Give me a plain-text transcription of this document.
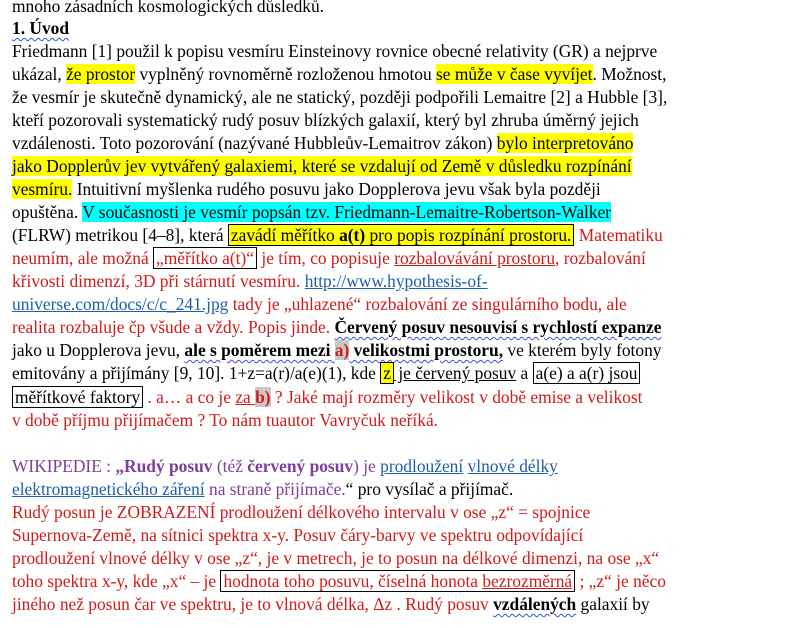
mnoho zásadních kosmologických důsledků.
1. Úvod
Friedmann [1] použil k popisu vesmíru Einsteinovy rovnice obecné relativity (GR) a nejprve
ukázal, že prostor vyplněný rovnoměrně rozloženou hmotou se může v čase vyvíjet. Možnost,
že vesmír je skutečně dynamický, ale ne statický, později podpořili Lemaitre [2] a Hubble [3],
kteří pozorovali systematický rudý posuv blízkých galaxií, který byl zhruba úměrný jejich
vzdálenosti. Toto pozorování (nazývané Hubbleův-Lemaitrov zákon) bylo interpretováno
jako Dopplerův jev vytvářený galaxiemi, které se vzdalují od Země v důsledku rozpínání
vesmíru. Intuitivní myšlenka rudého posuvu jako Dopplerova jevu však byla později
opuštěna. V současnosti je vesmír popsán tzv. Friedmann-Lemaitre-Robertson-Walker
(FLRW) metrikou [4–8], která zavádí měřítko a(t) pro popis rozpínání prostoru. Matematiku
neumím, ale možná „měřítko a(t)“ je tím, co popisuje rozbalovávání prostoru, rozbalování
křivosti dimenzí, 3D při stárnutí vesmíru. http://www.hypothesis-of-
universe.com/docs/c/c_241.jpg tady je „uhlazené“ rozbalování ze singulárního bodu, ale
realita rozbaluje čp všude a vždy. Popis jinde. Červený posuv nesouvisí s rychlostí expanze
jako u Dopplerova jevu, ale s poměrem mezi a) velikostmi prostoru, ve kterém byly fotony
emitovány a přijímány [9, 10]. 1+z=a(r)/a(e)(1), kde z je červený posuv a a(e) a a(r) jsou
měřítkové faktory . a… a co je za b) ? Jaké mají rozměry velikost v době emise a velikost
v době příjmu přijímačem ? To nám tuautor Vavryčuk neříká.
WIKIPEDIE : „Rudý posuv (též červený posuv) je prodloužení vlnové délky
elektromagnetického záření na straně přijímače.“ pro vysílač a přijímač.
Rudý posun je ZOBRAZENÍ prodloužení délkového intervalu v ose „z“ = spojnice
Supernova-Země, na sítnici spektra x-y. Posuv čáry-barvy ve spektru odpovídající
prodloužení vlnové délky v ose „z“, je v metrech, je to posun na délkové dimenzi, na ose „x“
toho spektra x-y, kde „x“ – je hodnota toho posuvu, číselná honota bezrozměrná ; „z“ je něco
jiného než posun čar ve spektru, je to vlnová délka, Δz . Rudý posuv vzdálených galaxií by
